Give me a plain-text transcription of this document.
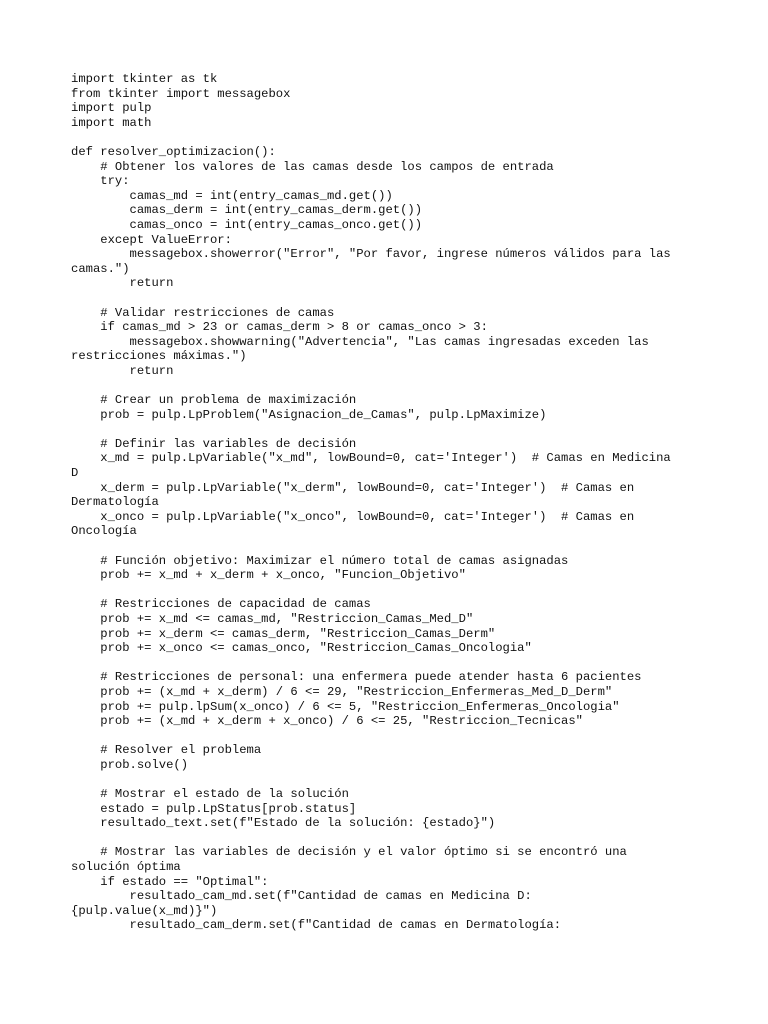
import tkinter as tk
from tkinter import messagebox
import pulp
import math
def resolver_optimizacion():
# Obtener los valores de las camas desde los campos de entrada
try:
camas_md = int(entry_camas_md.get())
camas_derm = int(entry_camas_derm.get())
camas_onco = int(entry_camas_onco.get())
except ValueError:
messagebox.showerror("Error", "Por favor, ingrese números válidos para las
camas.")
return
# Validar restricciones de camas
if camas_md > 23 or camas_derm > 8 or camas_onco > 3:
messagebox.showwarning("Advertencia", "Las camas ingresadas exceden las
restricciones máximas.")
return
# Crear un problema de maximización
prob = pulp.LpProblem("Asignacion_de_Camas", pulp.LpMaximize)
# Definir las variables de decisión
x_md = pulp.LpVariable("x_md", lowBound=0, cat='Integer')  # Camas en Medicina
D
x_derm = pulp.LpVariable("x_derm", lowBound=0, cat='Integer')  # Camas en
Dermatología
x_onco = pulp.LpVariable("x_onco", lowBound=0, cat='Integer')  # Camas en
Oncología
# Función objetivo: Maximizar el número total de camas asignadas
prob += x_md + x_derm + x_onco, "Funcion_Objetivo"
# Restricciones de capacidad de camas
prob += x_md <= camas_md, "Restriccion_Camas_Med_D"
prob += x_derm <= camas_derm, "Restriccion_Camas_Derm"
prob += x_onco <= camas_onco, "Restriccion_Camas_Oncologia"
# Restricciones de personal: una enfermera puede atender hasta 6 pacientes
prob += (x_md + x_derm) / 6 <= 29, "Restriccion_Enfermeras_Med_D_Derm"
prob += pulp.lpSum(x_onco) / 6 <= 5, "Restriccion_Enfermeras_Oncologia"
prob += (x_md + x_derm + x_onco) / 6 <= 25, "Restriccion_Tecnicas"
# Resolver el problema
prob.solve()
# Mostrar el estado de la solución
estado = pulp.LpStatus[prob.status]
resultado_text.set(f"Estado de la solución: {estado}")
# Mostrar las variables de decisión y el valor óptimo si se encontró una
solución óptima
if estado == "Optimal":
resultado_cam_md.set(f"Cantidad de camas en Medicina D:
{pulp.value(x_md)}")
resultado_cam_derm.set(f"Cantidad de camas en Dermatología:
